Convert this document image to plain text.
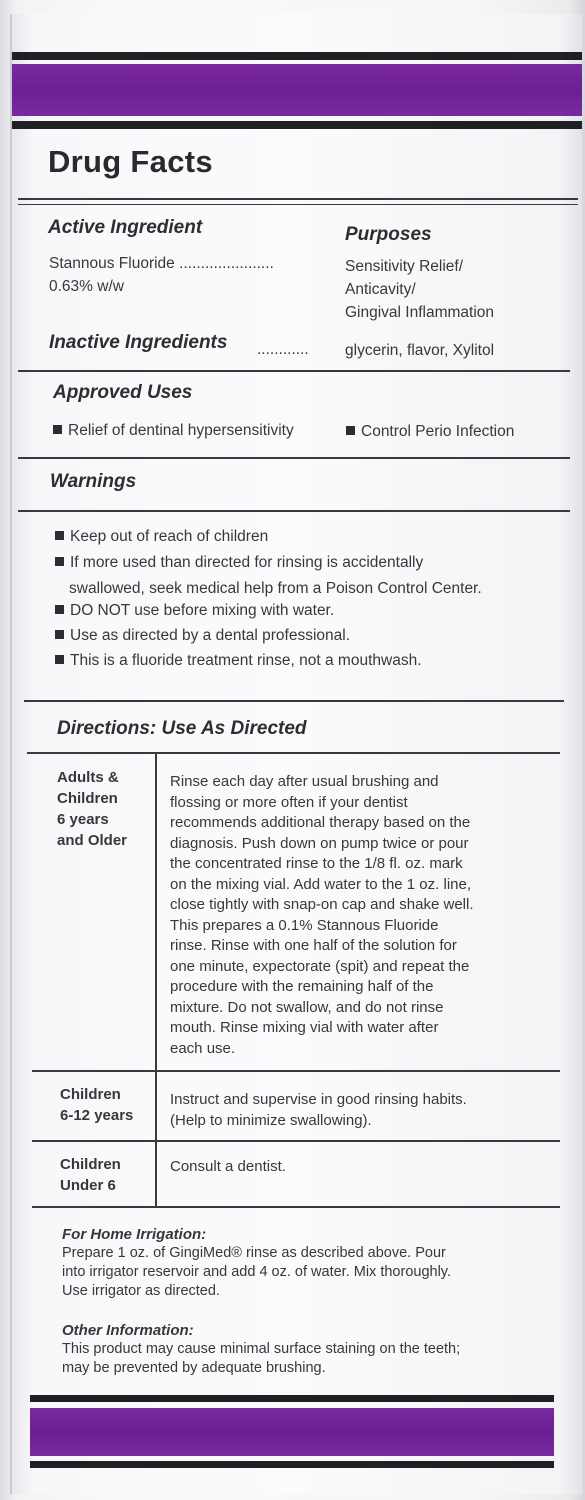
Drug Facts
Active Ingredient	Purposes
Stannous Fluoride ......................
0.63% w/w
Sensitivity Relief/
Anticavity/
Gingival Inflammation
Inactive Ingredients ............ glycerin, flavor, Xylitol
Approved Uses
Relief of dentinal hypersensitivity	Control Perio Infection
Warnings
Keep out of reach of children
If more used than directed for rinsing is accidentally
swallowed, seek medical help from a Poison Control Center.
DO NOT use before mixing with water.
Use as directed by a dental professional.
This is a fluoride treatment rinse, not a mouthwash.
Directions: Use As Directed
Adults &
Children
6 years
and Older
Rinse each day after usual brushing and
flossing or more often if your dentist
recommends additional therapy based on the
diagnosis. Push down on pump twice or pour
the concentrated rinse to the 1/8 fl. oz. mark
on the mixing vial. Add water to the 1 oz. line,
close tightly with snap-on cap and shake well.
This prepares a 0.1% Stannous Fluoride
rinse. Rinse with one half of the solution for
one minute, expectorate (spit) and repeat the
procedure with the remaining half of the
mixture. Do not swallow, and do not rinse
mouth. Rinse mixing vial with water after
each use.
Children
6-12 years
Instruct and supervise in good rinsing habits.
(Help to minimize swallowing).
Children
Under 6
Consult a dentist.
For Home Irrigation:
Prepare 1 oz. of GingiMed® rinse as described above. Pour
into irrigator reservoir and add 4 oz. of water. Mix thoroughly.
Use irrigator as directed.
Other Information:
This product may cause minimal surface staining on the teeth;
may be prevented by adequate brushing.
